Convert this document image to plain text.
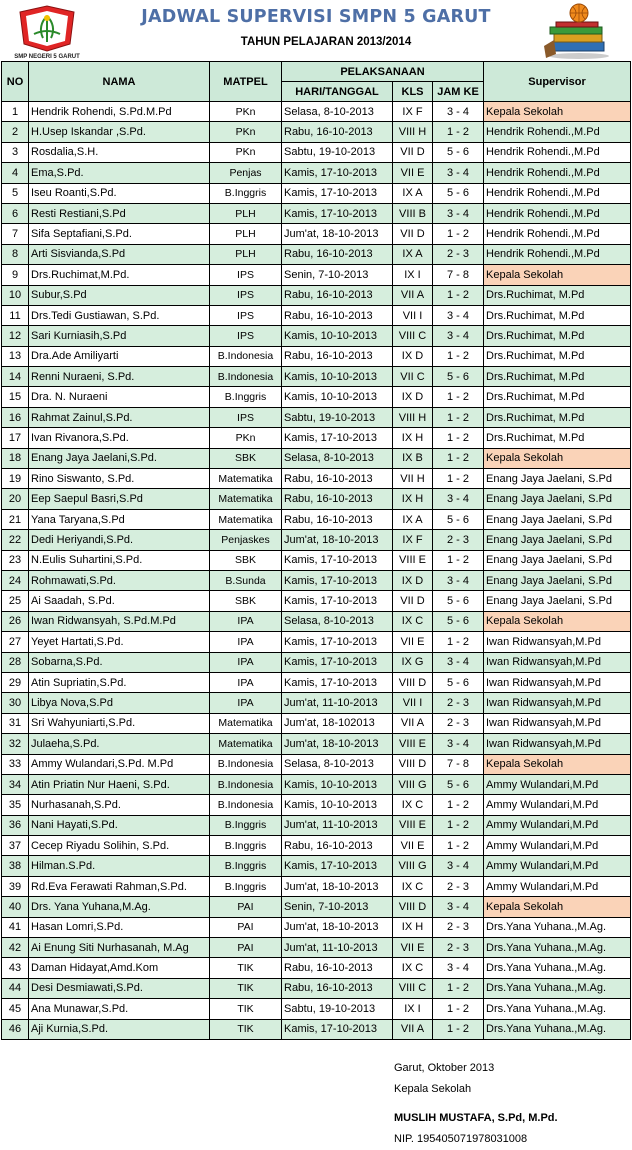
SMP NEGERI 5 GARUT
JADWAL SUPERVISI SMPN 5 GARUT
TAHUN PELAJARAN 2013/2014
NO	NAMA	MATPEL	PELAKSANAAN			Supervisor
			HARI/TANGGAL	KLS	JAM KE	
1	Hendrik Rohendi, S.Pd.M.Pd	PKn	Selasa, 8-10-2013	IX F	3 - 4	Kepala Sekolah
2	H.Usep Iskandar ,S.Pd.	PKn	Rabu, 16-10-2013	VIII H	1 - 2	Hendrik Rohendi.,M.Pd
3	Rosdalia,S.H.	PKn	Sabtu, 19-10-2013	VII D	5 - 6	Hendrik Rohendi.,M.Pd
4	Ema,S.Pd.	Penjas	Kamis, 17-10-2013	VII E	3 - 4	Hendrik Rohendi.,M.Pd
5	Iseu Roanti,S.Pd.	B.Inggris	Kamis, 17-10-2013	IX A	5 - 6	Hendrik Rohendi.,M.Pd
6	Resti Restiani,S.Pd	PLH	Kamis, 17-10-2013	VIII B	3 - 4	Hendrik Rohendi.,M.Pd
7	Sifa Septafiani,S.Pd.	PLH	Jum'at, 18-10-2013	VII D	1 - 2	Hendrik Rohendi.,M.Pd
8	Arti Sisvianda,S.Pd	PLH	Rabu, 16-10-2013	IX A	2 - 3	Hendrik Rohendi.,M.Pd
9	Drs.Ruchimat,M.Pd.	IPS	Senin, 7-10-2013	IX I	7 - 8	Kepala Sekolah
10	Subur,S.Pd	IPS	Rabu, 16-10-2013	VII A	1 - 2	Drs.Ruchimat, M.Pd
11	Drs.Tedi Gustiawan, S.Pd.	IPS	Rabu, 16-10-2013	VII I	3 - 4	Drs.Ruchimat, M.Pd
12	Sari Kurniasih,S.Pd	IPS	Kamis, 10-10-2013	VIII C	3 - 4	Drs.Ruchimat, M.Pd
13	Dra.Ade Amiliyarti	B.Indonesia	Rabu, 16-10-2013	IX D	1 - 2	Drs.Ruchimat, M.Pd
14	Renni Nuraeni, S.Pd.	B.Indonesia	Kamis, 10-10-2013	VII C	5 - 6	Drs.Ruchimat, M.Pd
15	Dra. N. Nuraeni	B.Inggris	Kamis, 10-10-2013	IX D	1 - 2	Drs.Ruchimat, M.Pd
16	Rahmat Zainul,S.Pd.	IPS	Sabtu, 19-10-2013	VIII H	1 - 2	Drs.Ruchimat, M.Pd
17	Ivan Rivanora,S.Pd.	PKn	Kamis, 17-10-2013	IX H	1 - 2	Drs.Ruchimat, M.Pd
18	Enang Jaya Jaelani,S.Pd.	SBK	Selasa, 8-10-2013	IX B	1 - 2	Kepala Sekolah
19	Rino Siswanto, S.Pd.	Matematika	Rabu, 16-10-2013	VII H	1 - 2	Enang Jaya Jaelani, S.Pd
20	Eep Saepul Basri,S.Pd	Matematika	Rabu, 16-10-2013	IX H	3 - 4	Enang Jaya Jaelani, S.Pd
21	Yana Taryana,S.Pd	Matematika	Rabu, 16-10-2013	IX A	5 - 6	Enang Jaya Jaelani, S.Pd
22	Dedi Heriyandi,S.Pd.	Penjaskes	Jum'at, 18-10-2013	IX F	2 - 3	Enang Jaya Jaelani, S.Pd
23	N.Eulis Suhartini,S.Pd.	SBK	Kamis, 17-10-2013	VIII E	1 - 2	Enang Jaya Jaelani, S.Pd
24	Rohmawati,S.Pd.	B.Sunda	Kamis, 17-10-2013	IX D	3 - 4	Enang Jaya Jaelani, S.Pd
25	Ai Saadah, S.Pd.	SBK	Kamis, 17-10-2013	VII D	5 - 6	Enang Jaya Jaelani, S.Pd
26	Iwan Ridwansyah, S.Pd.M.Pd	IPA	Selasa, 8-10-2013	IX C	5 - 6	Kepala Sekolah
27	Yeyet Hartati,S.Pd.	IPA	Kamis, 17-10-2013	VII E	1 - 2	Iwan Ridwansyah,M.Pd
28	Sobarna,S.Pd.	IPA	Kamis, 17-10-2013	IX G	3 - 4	Iwan Ridwansyah,M.Pd
29	Atin Supriatin,S.Pd.	IPA	Kamis, 17-10-2013	VIII D	5 - 6	Iwan Ridwansyah,M.Pd
30	Libya Nova,S.Pd	IPA	Jum'at, 11-10-2013	VII I	2 - 3	Iwan Ridwansyah,M.Pd
31	Sri Wahyuniarti,S.Pd.	Matematika	Jum'at, 18-102013	VII A	2 - 3	Iwan Ridwansyah,M.Pd
32	Julaeha,S.Pd.	Matematika	Jum'at, 18-10-2013	VIII E	3 - 4	Iwan Ridwansyah,M.Pd
33	Ammy Wulandari,S.Pd. M.Pd	B.Indonesia	Selasa, 8-10-2013	VIII D	7 - 8	Kepala Sekolah
34	Atin Priatin Nur Haeni, S.Pd.	B.Indonesia	Kamis, 10-10-2013	VIII G	5 - 6	Ammy Wulandari,M.Pd
35	Nurhasanah,S.Pd.	B.Indonesia	Kamis, 10-10-2013	IX C	1 - 2	Ammy Wulandari,M.Pd
36	Nani Hayati,S.Pd.	B.Inggris	Jum'at, 11-10-2013	VIII E	1 - 2	Ammy Wulandari,M.Pd
37	Cecep Riyadu Solihin, S.Pd.	B.Inggris	Rabu, 16-10-2013	VII E	1 - 2	Ammy Wulandari,M.Pd
38	Hilman.S.Pd.	B.Inggris	Kamis, 17-10-2013	VIII G	3 - 4	Ammy Wulandari,M.Pd
39	Rd.Eva Ferawati Rahman,S.Pd.	B.Inggris	Jum'at, 18-10-2013	IX C	2 - 3	Ammy Wulandari,M.Pd
40	Drs. Yana Yuhana,M.Ag.	PAI	Senin, 7-10-2013	VIII D	3 - 4	Kepala Sekolah
41	Hasan Lomri,S.Pd.	PAI	Jum'at, 18-10-2013	IX H	2 - 3	Drs.Yana Yuhana.,M.Ag.
42	Ai Enung Siti Nurhasanah, M.Ag	PAI	Jum'at, 11-10-2013	VII E	2 - 3	Drs.Yana Yuhana.,M.Ag.
43	Daman Hidayat,Amd.Kom	TIK	Rabu, 16-10-2013	IX C	3 - 4	Drs.Yana Yuhana.,M.Ag.
44	Desi Desmiawati,S.Pd.	TIK	Rabu, 16-10-2013	VIII C	1 - 2	Drs.Yana Yuhana.,M.Ag.
45	Ana Munawar,S.Pd.	TIK	Sabtu, 19-10-2013	IX I	1 - 2	Drs.Yana Yuhana.,M.Ag.
46	Aji Kurnia,S.Pd.	TIK	Kamis, 17-10-2013	VII A	1 - 2	Drs.Yana Yuhana.,M.Ag.
Garut, Oktober 2013
Kepala Sekolah
MUSLIH MUSTAFA, S.Pd, M.Pd.
NIP. 195405071978031008
